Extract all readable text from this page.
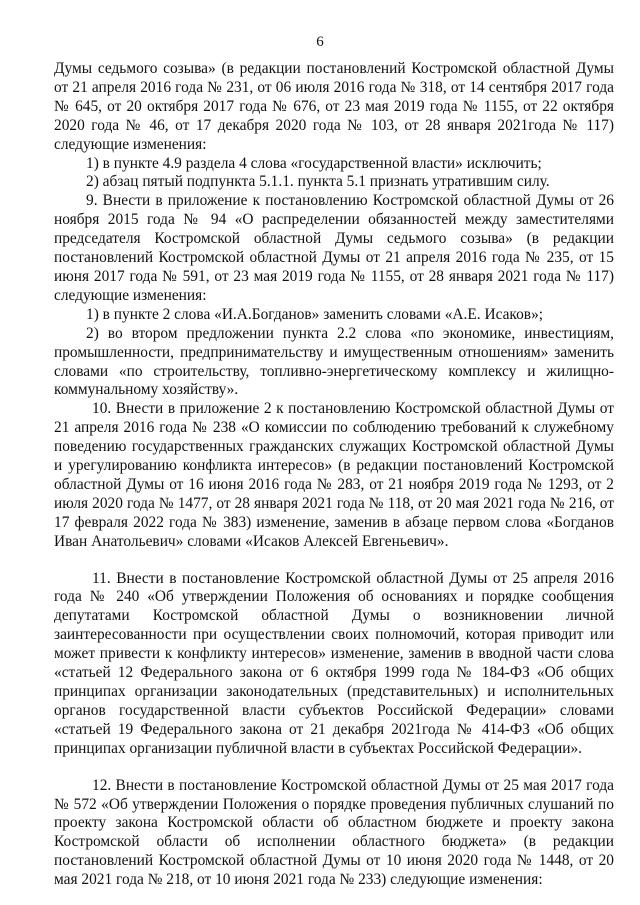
6

Думы седьмого созыва» (в редакции постановлений Костромской областной Думы от 21 апреля 2016 года № 231, от 06 июля 2016 года № 318, от 14 сентября 2017 года № 645, от 20 октября 2017 года № 676, от 23 мая 2019 года № 1155, от 22 октября 2020 года № 46, от 17 декабря 2020 года № 103, от 28 января 2021года № 117) следующие изменения:

1) в пункте 4.9 раздела 4 слова «государственной власти» исключить;

2) абзац пятый подпункта 5.1.1. пункта 5.1 признать утратившим силу.

9. Внести в приложение к постановлению Костромской областной Думы от 26 ноября 2015 года № 94 «О распределении обязанностей между заместителями председателя Костромской областной Думы седьмого созыва» (в редакции постановлений Костромской областной Думы от 21 апреля 2016 года № 235, от 15 июня 2017 года № 591, от 23 мая 2019 года № 1155, от 28 января 2021 года № 117) следующие изменения:

1) в пункте 2 слова «И.А.Богданов» заменить словами «А.Е. Исаков»;

2) во втором предложении пункта 2.2 слова «по экономике, инвестициям, промышленности, предпринимательству и имущественным отношениям» заменить словами «по строительству, топливно-энергетическому комплексу и жилищно-коммунальному хозяйству».

10. Внести в приложение 2 к постановлению Костромской областной Думы от 21 апреля 2016 года № 238 «О комиссии по соблюдению требований к служебному поведению государственных гражданских служащих Костромской областной Думы и урегулированию конфликта интересов» (в редакции постановлений Костромской областной Думы от 16 июня 2016 года № 283, от 21 ноября 2019 года № 1293, от 2 июля 2020 года № 1477, от 28 января 2021 года № 118, от 20 мая 2021 года № 216, от 17 февраля 2022 года № 383) изменение, заменив в абзаце первом слова «Богданов Иван Анатольевич» словами «Исаков Алексей Евгеньевич».

11. Внести в постановление Костромской областной Думы от 25 апреля 2016 года № 240 «Об утверждении Положения об основаниях и порядке сообщения депутатами Костромской областной Думы о возникновении личной заинтересованности при осуществлении своих полномочий, которая приводит или может привести к конфликту интересов» изменение, заменив в вводной части слова «статьей 12 Федерального закона от 6 октября 1999 года № 184-ФЗ «Об общих принципах организации законодательных (представительных) и исполнительных органов государственной власти субъектов Российской Федерации» словами «статьей 19 Федерального закона от 21 декабря 2021года № 414-ФЗ «Об общих принципах организации публичной власти в субъектах Российской Федерации».

12. Внести в постановление Костромской областной Думы от 25 мая 2017 года № 572 «Об утверждении Положения о порядке проведения публичных слушаний по проекту закона Костромской области об областном бюджете и проекту закона Костромской области об исполнении областного бюджета» (в редакции постановлений Костромской областной Думы от 10 июня 2020 года № 1448, от 20 мая 2021 года № 218, от 10 июня 2021 года № 233) следующие изменения:
